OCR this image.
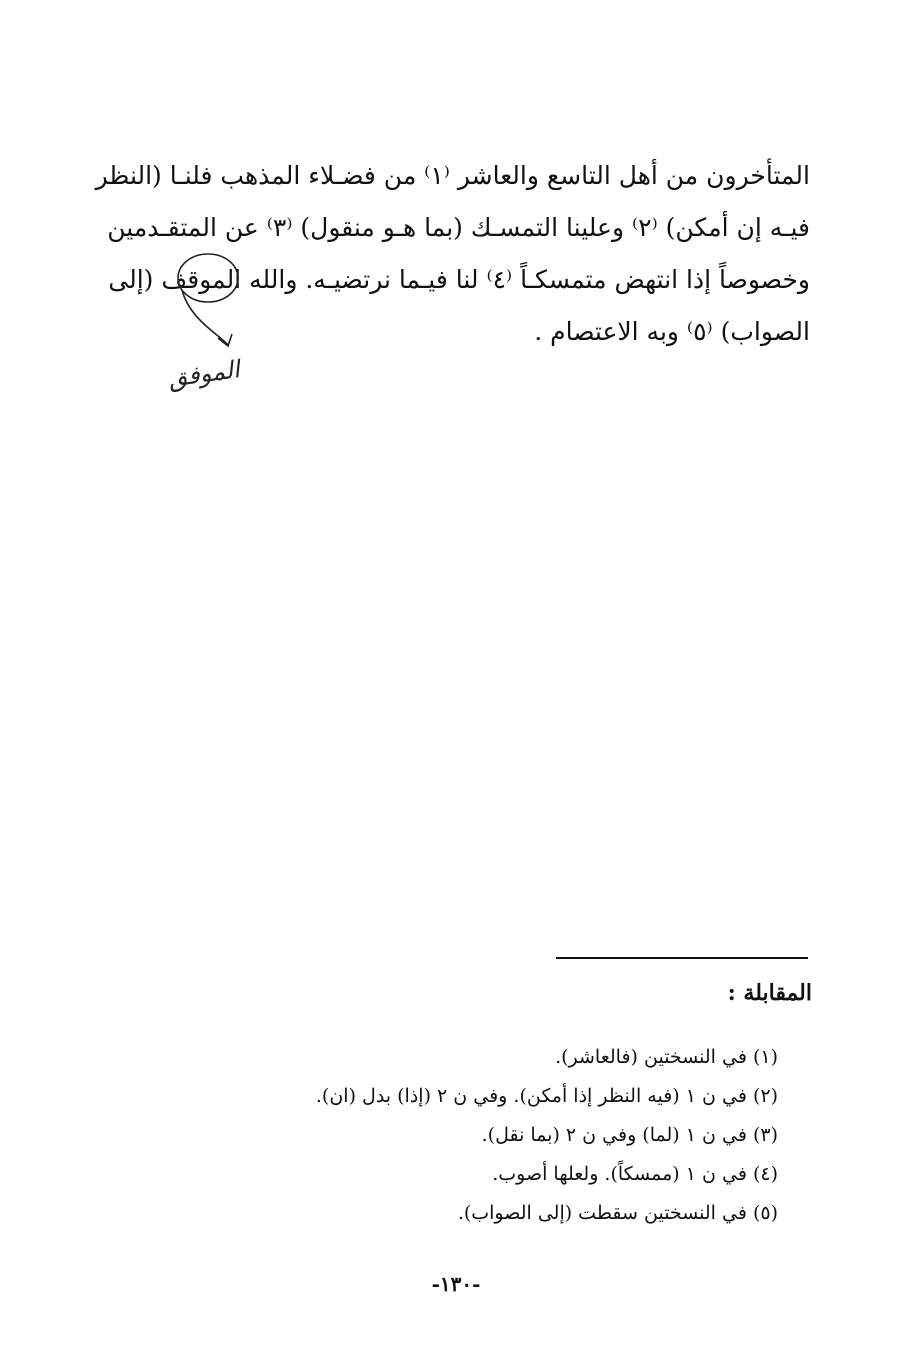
المتأخرون من أهل التاسع والعاشر ⁽١⁾ من فضـلاء المذهب فلنـا (النظر
فيـه إن أمكن) ⁽٢⁾ وعلينا التمسـك (بما هـو منقول) ⁽٣⁾ عن المتقـدمين
وخصوصاً إذا انتهض متمسكـاً ⁽٤⁾ لنا فيـما نرتضيـه. والله الموقف (إلى
الصواب) ⁽٥⁾ وبه الاعتصام .
الموفق
المقابلة :
(١) في النسختين (فالعاشر).
(٢) في ن ١ (فيه النظر إذا أمكن). وفي ن ٢ (إذا) بدل (ان).
(٣) في ن ١ (لما) وفي ن ٢ (بما نقل).
(٤) في ن ١ (ممسكاً). ولعلها أصوب.
(٥) في النسختين سقطت (إلى الصواب).
-١٣٠-
